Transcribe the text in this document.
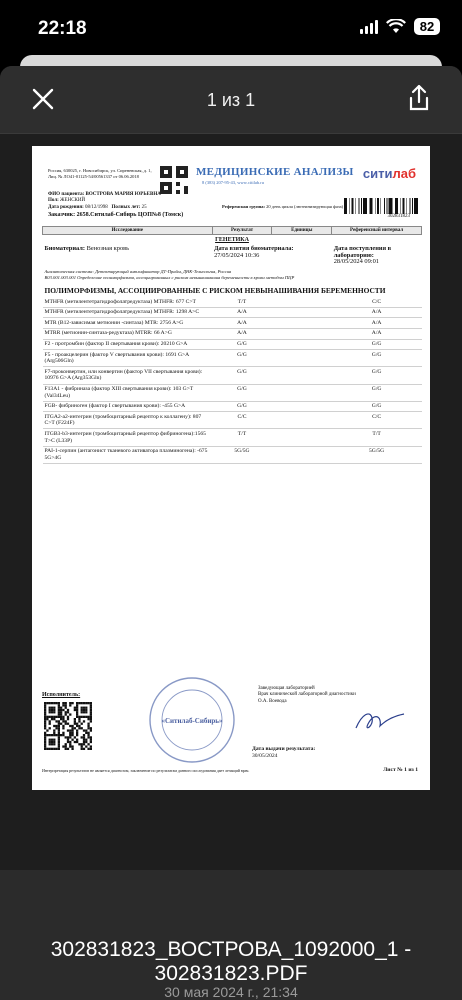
22:18	82
1 из 1
Россия, 630025, г. Новосибирск, ул. Сиреневская, д. 1, Лиц. № ЛО41-01125-54/00561337 от 06.06.2018	МЕДИЦИНСКИЕ АНАЛИЗЫ
8 (383) 207-95-43, www.citilab.ru
ситилаб
ФИО пациента: ВОСТРОВА МАРИЯ ЮРЬЕВНА
Пол: ЖЕНСКИЙ
Дата рождения: 08/12/1998 Полных лет: 25	Референсная группа: 20 день цикла (лютеинизирующая фаза)
302831823
Заказчик: 2658.Ситилаб-Сибирь ЦОП№8 (Томск)
Исследование	Результат	Единицы	Референсный интервал
ГЕНЕТИКА			
Биоматериал: Венозная кровь	Дата взятия биоматериала:
27/05/2024 10:36		Дата поступления в лабораторию:
28/05/2024 09:01

Аналитическая система: Детектирующий амплификатор ДТ-Прайм, ДНК-Технология, Россия
B03.001.003.001 Определение полиморфизмов, ассоциированных с риском невынашивания беременности в крови методом ПЦР			

ПОЛИМОРФИЗМЫ, АССОЦИИРОВАННЫЕ С РИСКОМ НЕВЫНАШИВАНИЯ БЕРЕМЕННОСТИ			
MTHFR (метилентетрагидрофолатредуктаза) MTHFR: 677 C>T	T/T		C/C
MTHFR (метилентетрагидрофолатредуктаза) MTHFR: 1298 A>C	A/A		A/A
MTR (B12-зависимая метионин -синтаза) MTR: 2756 A>G	A/A		A/A
MTRR (метионин-синтаза-редуктаза) MTRR: 66 A>G	A/A		A/A
F2 - протромбин (фактор II свертывания крови): 20210 G>A	G/G		G/G
F5 - проакцелерин (фактор V свертывания крови): 1691 G>A (Arg506Gln)	G/G		G/G
F7-проконвертин, или конвертин (фактор VII свертывания крови): 10976 G>A (Arg353Gln)	G/G		G/G
F13A1 - фибриназа (фактор XIII свертывания крови): 103 G>T (Val34Leu)	G/G		G/G
FGB- фибриноген (фактор I свертывания крови): -455 G>A	G/G		G/G
ITGA2-a2-интегрин (тромбоцитарный рецептор к коллагену): 807 C>T (F224F)	C/C		C/C
ITGB3-b3-интегрин (тромбоцитарный рецептор фибриногена):1565 T>C (L33P)	T/T		T/T
PAI-1-серпин (антагонист тканевого активатора плазминогена): -675 5G>4G	5G/5G		5G/5G
Исполнитель:
«Ситилаб-Сибирь»
Заведующая лабораторией
Врач клинической лабораторной диагностики
О.А. Воевода
Дата выдачи результата:
30/05/2024
Интерпретация результатов не является диагнозом, заключение по результатам данного исследования дает лечащий врач.	Лист № 1 из 1
302831823_ВОСТРОВА_1092000_1 -
302831823.PDF
30 мая 2024 г., 21:34
